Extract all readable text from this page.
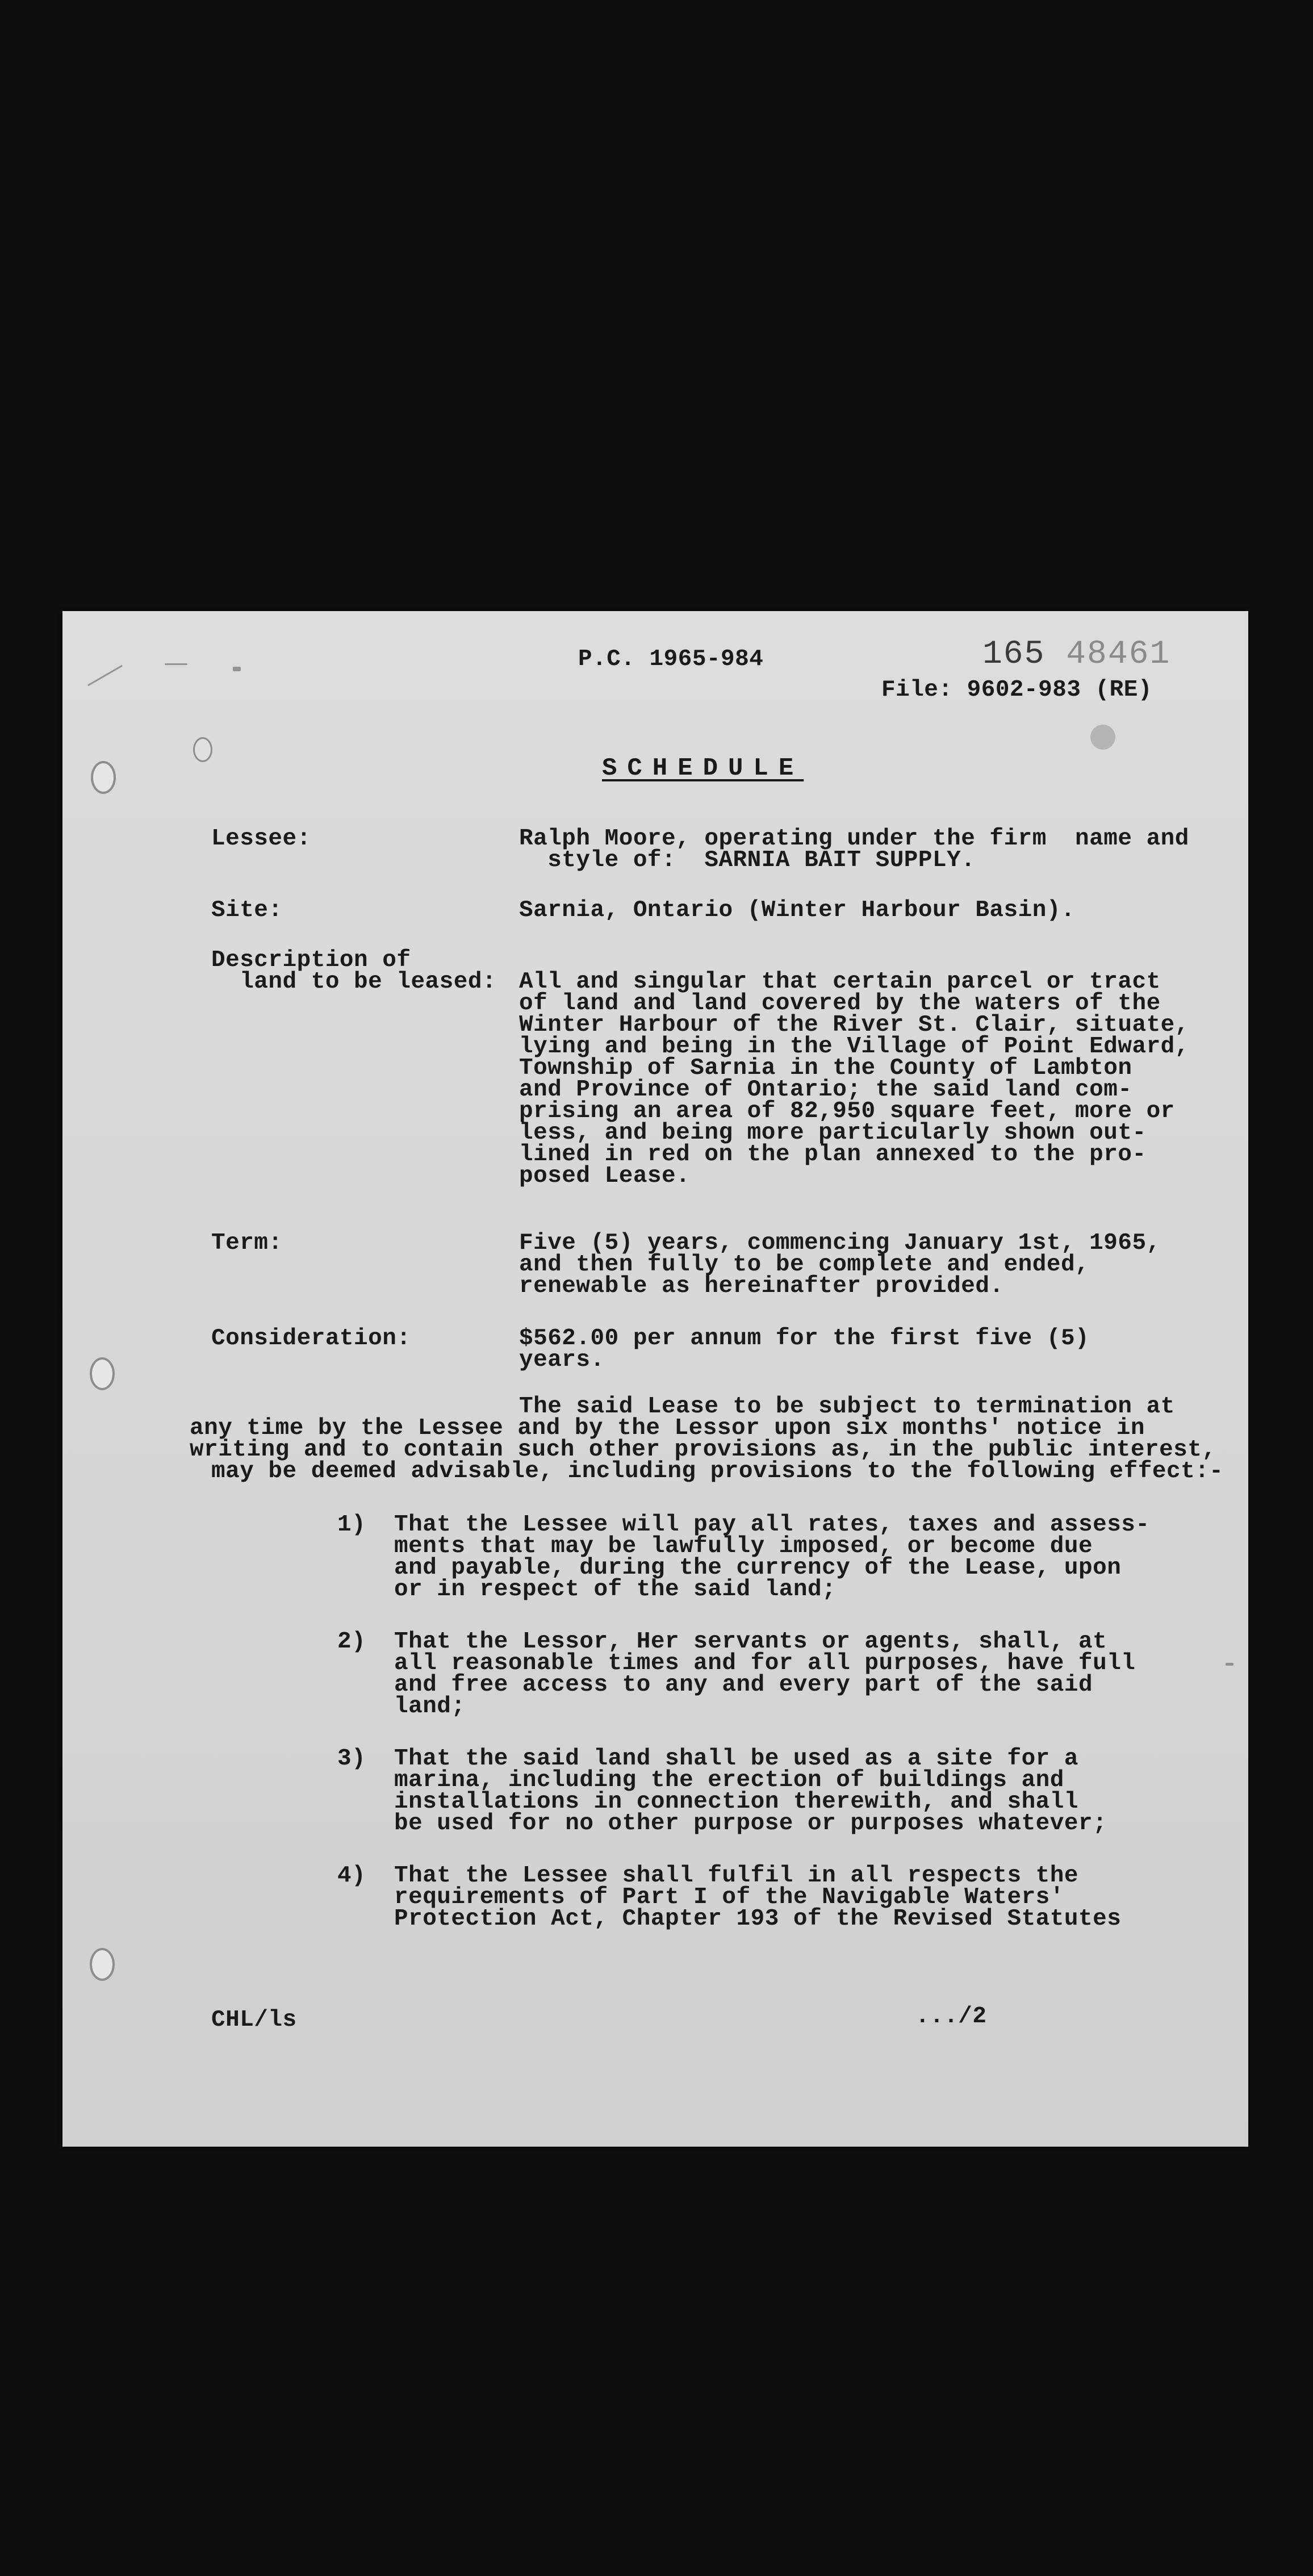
P.C. 1965-984	165 48461
File: 9602-983 (RE)
SCHEDULE
Lessee:	Ralph Moore, operating under the firm  name and
style of:  SARNIA BAIT SUPPLY.
Site:	Sarnia, Ontario (Winter Harbour Basin).
Description of
land to be leased: All and singular that certain parcel or tract
of land and land covered by the waters of the
Winter Harbour of the River St. Clair, situate,
lying and being in the Village of Point Edward,
Township of Sarnia in the County of Lambton
and Province of Ontario; the said land com-
prising an area of 82,950 square feet, more or
less, and being more particularly shown out-
lined in red on the plan annexed to the pro-
posed Lease.
Term:	Five (5) years, commencing January 1st, 1965,
and then fully to be complete and ended,
renewable as hereinafter provided.
Consideration:	$562.00 per annum for the first five (5)
years.
The said Lease to be subject to termination at
any time by the Lessee and by the Lessor upon six months' notice in
writing and to contain such other provisions as, in the public interest,
may be deemed advisable, including provisions to the following effect:-
1) That the Lessee will pay all rates, taxes and assess-
ments that may be lawfully imposed, or become due
and payable, during the currency of the Lease, upon
or in respect of the said land;
2) That the Lessor, Her servants or agents, shall, at
all reasonable times and for all purposes, have full
and free access to any and every part of the said
land;
3) That the said land shall be used as a site for a
marina, including the erection of buildings and
installations in connection therewith, and shall
be used for no other purpose or purposes whatever;
4) That the Lessee shall fulfil in all respects the
requirements of Part I of the Navigable Waters'
Protection Act, Chapter 193 of the Revised Statutes
CHL/ls	.../2
